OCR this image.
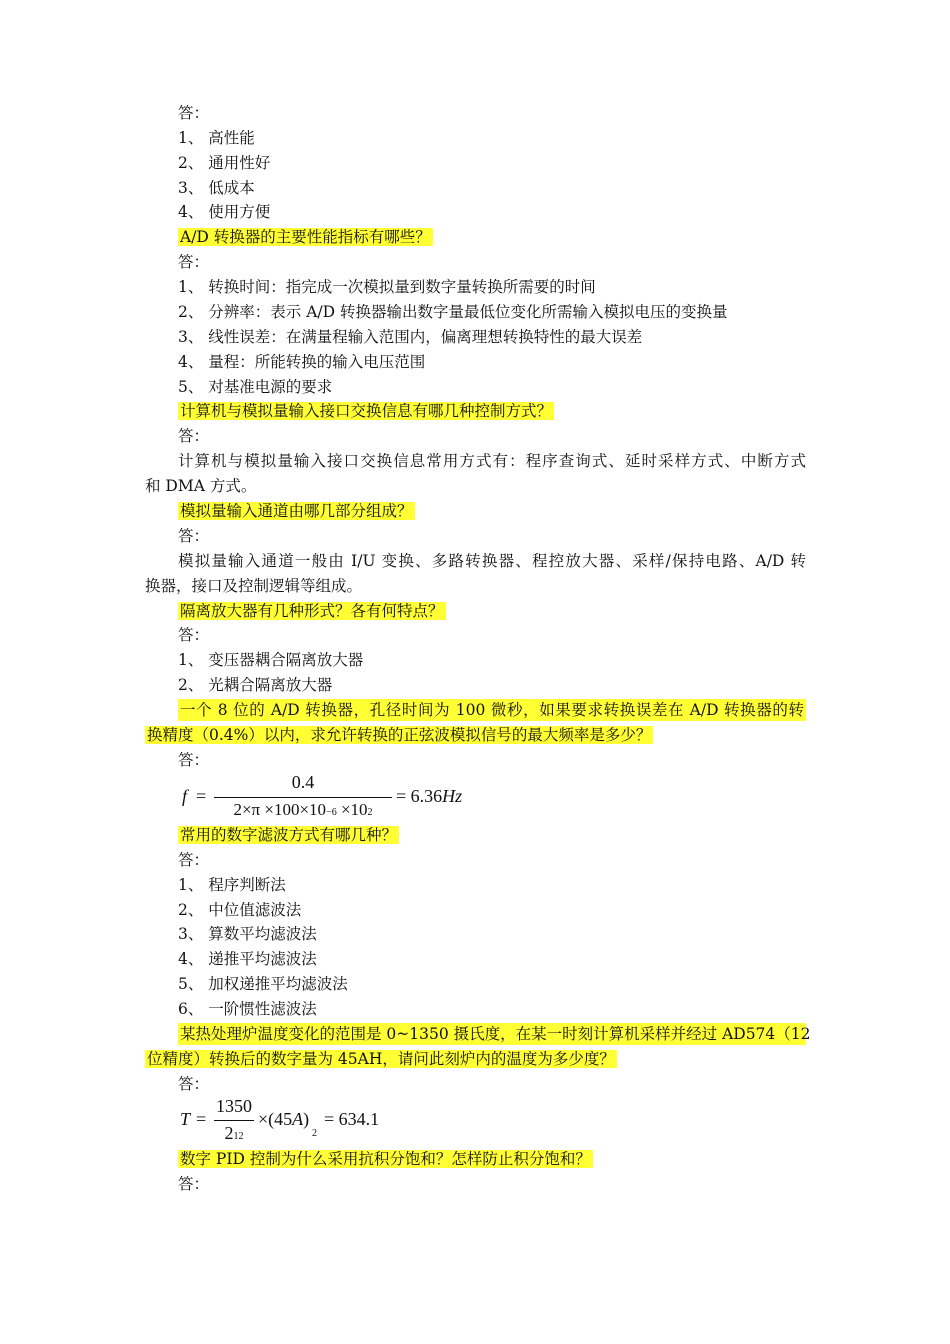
答：
1、 高性能
2、 通用性好
3、 低成本
4、 使用方便
A/D 转换器的主要性能指标有哪些？
答：
1、 转换时间：指完成一次模拟量到数字量转换所需要的时间
2、 分辨率：表示 A/D 转换器输出数字量最低位变化所需输入模拟电压的变换量
3、 线性误差：在满量程输入范围内，偏离理想转换特性的最大误差
4、 量程：所能转换的输入电压范围
5、 对基准电源的要求
计算机与模拟量输入接口交换信息有哪几种控制方式？
答：
计算机与模拟量输入接口交换信息常用方式有：程序查询式、延时采样方式、中断方式
和 DMA 方式。
模拟量输入通道由哪几部分组成？
答：
模拟量输入通道一般由 I/U 变换、多路转换器、程控放大器、采样/保持电路、A/D 转
换器，接口及控制逻辑等组成。
隔离放大器有几种形式？各有何特点？
答：
1、 变压器耦合隔离放大器
2、 光耦合隔离放大器
一个 8 位的 A/D 转换器，孔径时间为 100 微秒，如果要求转换误差在 A/D 转换器的转
换精度（0.4%）以内，求允许转换的正弦波模拟信号的最大频率是多少？
答：
f =
0.4
2×π ×100×10−6 ×102
= 6.36Hz
常用的数字滤波方式有哪几种？
答：
1、 程序判断法
2、 中位值滤波法
3、 算数平均滤波法
4、 递推平均滤波法
5、 加权递推平均滤波法
6、 一阶惯性滤波法
某热处理炉温度变化的范围是 0~1350 摄氏度，在某一时刻计算机采样并经过 AD574（12
位精度）转换后的数字量为 45AH，请问此刻炉内的温度为多少度？
答：
T =
1350
212
×(45A)
2
= 634.1
数字 PID 控制为什么采用抗积分饱和？怎样防止积分饱和？
答：
